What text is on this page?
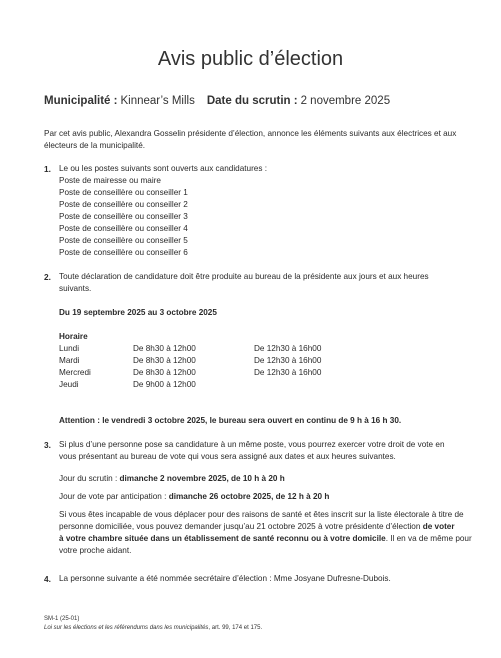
Avis public d’élection
Municipalité : Kinnear’s Mills Date du scrutin : 2 novembre 2025
Par cet avis public, Alexandra Gosselin présidente d’élection, annonce les éléments suivants aux électrices et aux électeurs de la municipalité.
1. Le ou les postes suivants sont ouverts aux candidatures :
Poste de mairesse ou maire
Poste de conseillère ou conseiller 1
Poste de conseillère ou conseiller 2
Poste de conseillère ou conseiller 3
Poste de conseillère ou conseiller 4
Poste de conseillère ou conseiller 5
Poste de conseillère ou conseiller 6
2. Toute déclaration de candidature doit être produite au bureau de la présidente aux jours et aux heures
suivants.
Du 19 septembre 2025 au 3 octobre 2025
Horaire
Lundi	De 8h30 à 12h00	De 12h30 à 16h00
Mardi	De 8h30 à 12h00	De 12h30 à 16h00
Mercredi	De 8h30 à 12h00	De 12h30 à 16h00
Jeudi	De 9h00 à 12h00
Attention : le vendredi 3 octobre 2025, le bureau sera ouvert en continu de 9 h à 16 h 30.
3. Si plus d’une personne pose sa candidature à un même poste, vous pourrez exercer votre droit de vote en
vous présentant au bureau de vote qui vous sera assigné aux dates et aux heures suivantes.
Jour du scrutin : dimanche 2 novembre 2025, de 10 h à 20 h
Jour de vote par anticipation : dimanche 26 octobre 2025, de 12 h à 20 h
Si vous êtes incapable de vous déplacer pour des raisons de santé et êtes inscrit sur la liste électorale à titre de
personne domiciliée, vous pouvez demander jusqu’au 21 octobre 2025 à votre présidente d’élection de voter
à votre chambre située dans un établissement de santé reconnu ou à votre domicile. Il en va de même pour
votre proche aidant.
4. La personne suivante a été nommée secrétaire d’élection : Mme Josyane Dufresne-Dubois.
SM-1 (25-01)
Loi sur les élections et les référendums dans les municipalités, art. 99, 174 et 175.
